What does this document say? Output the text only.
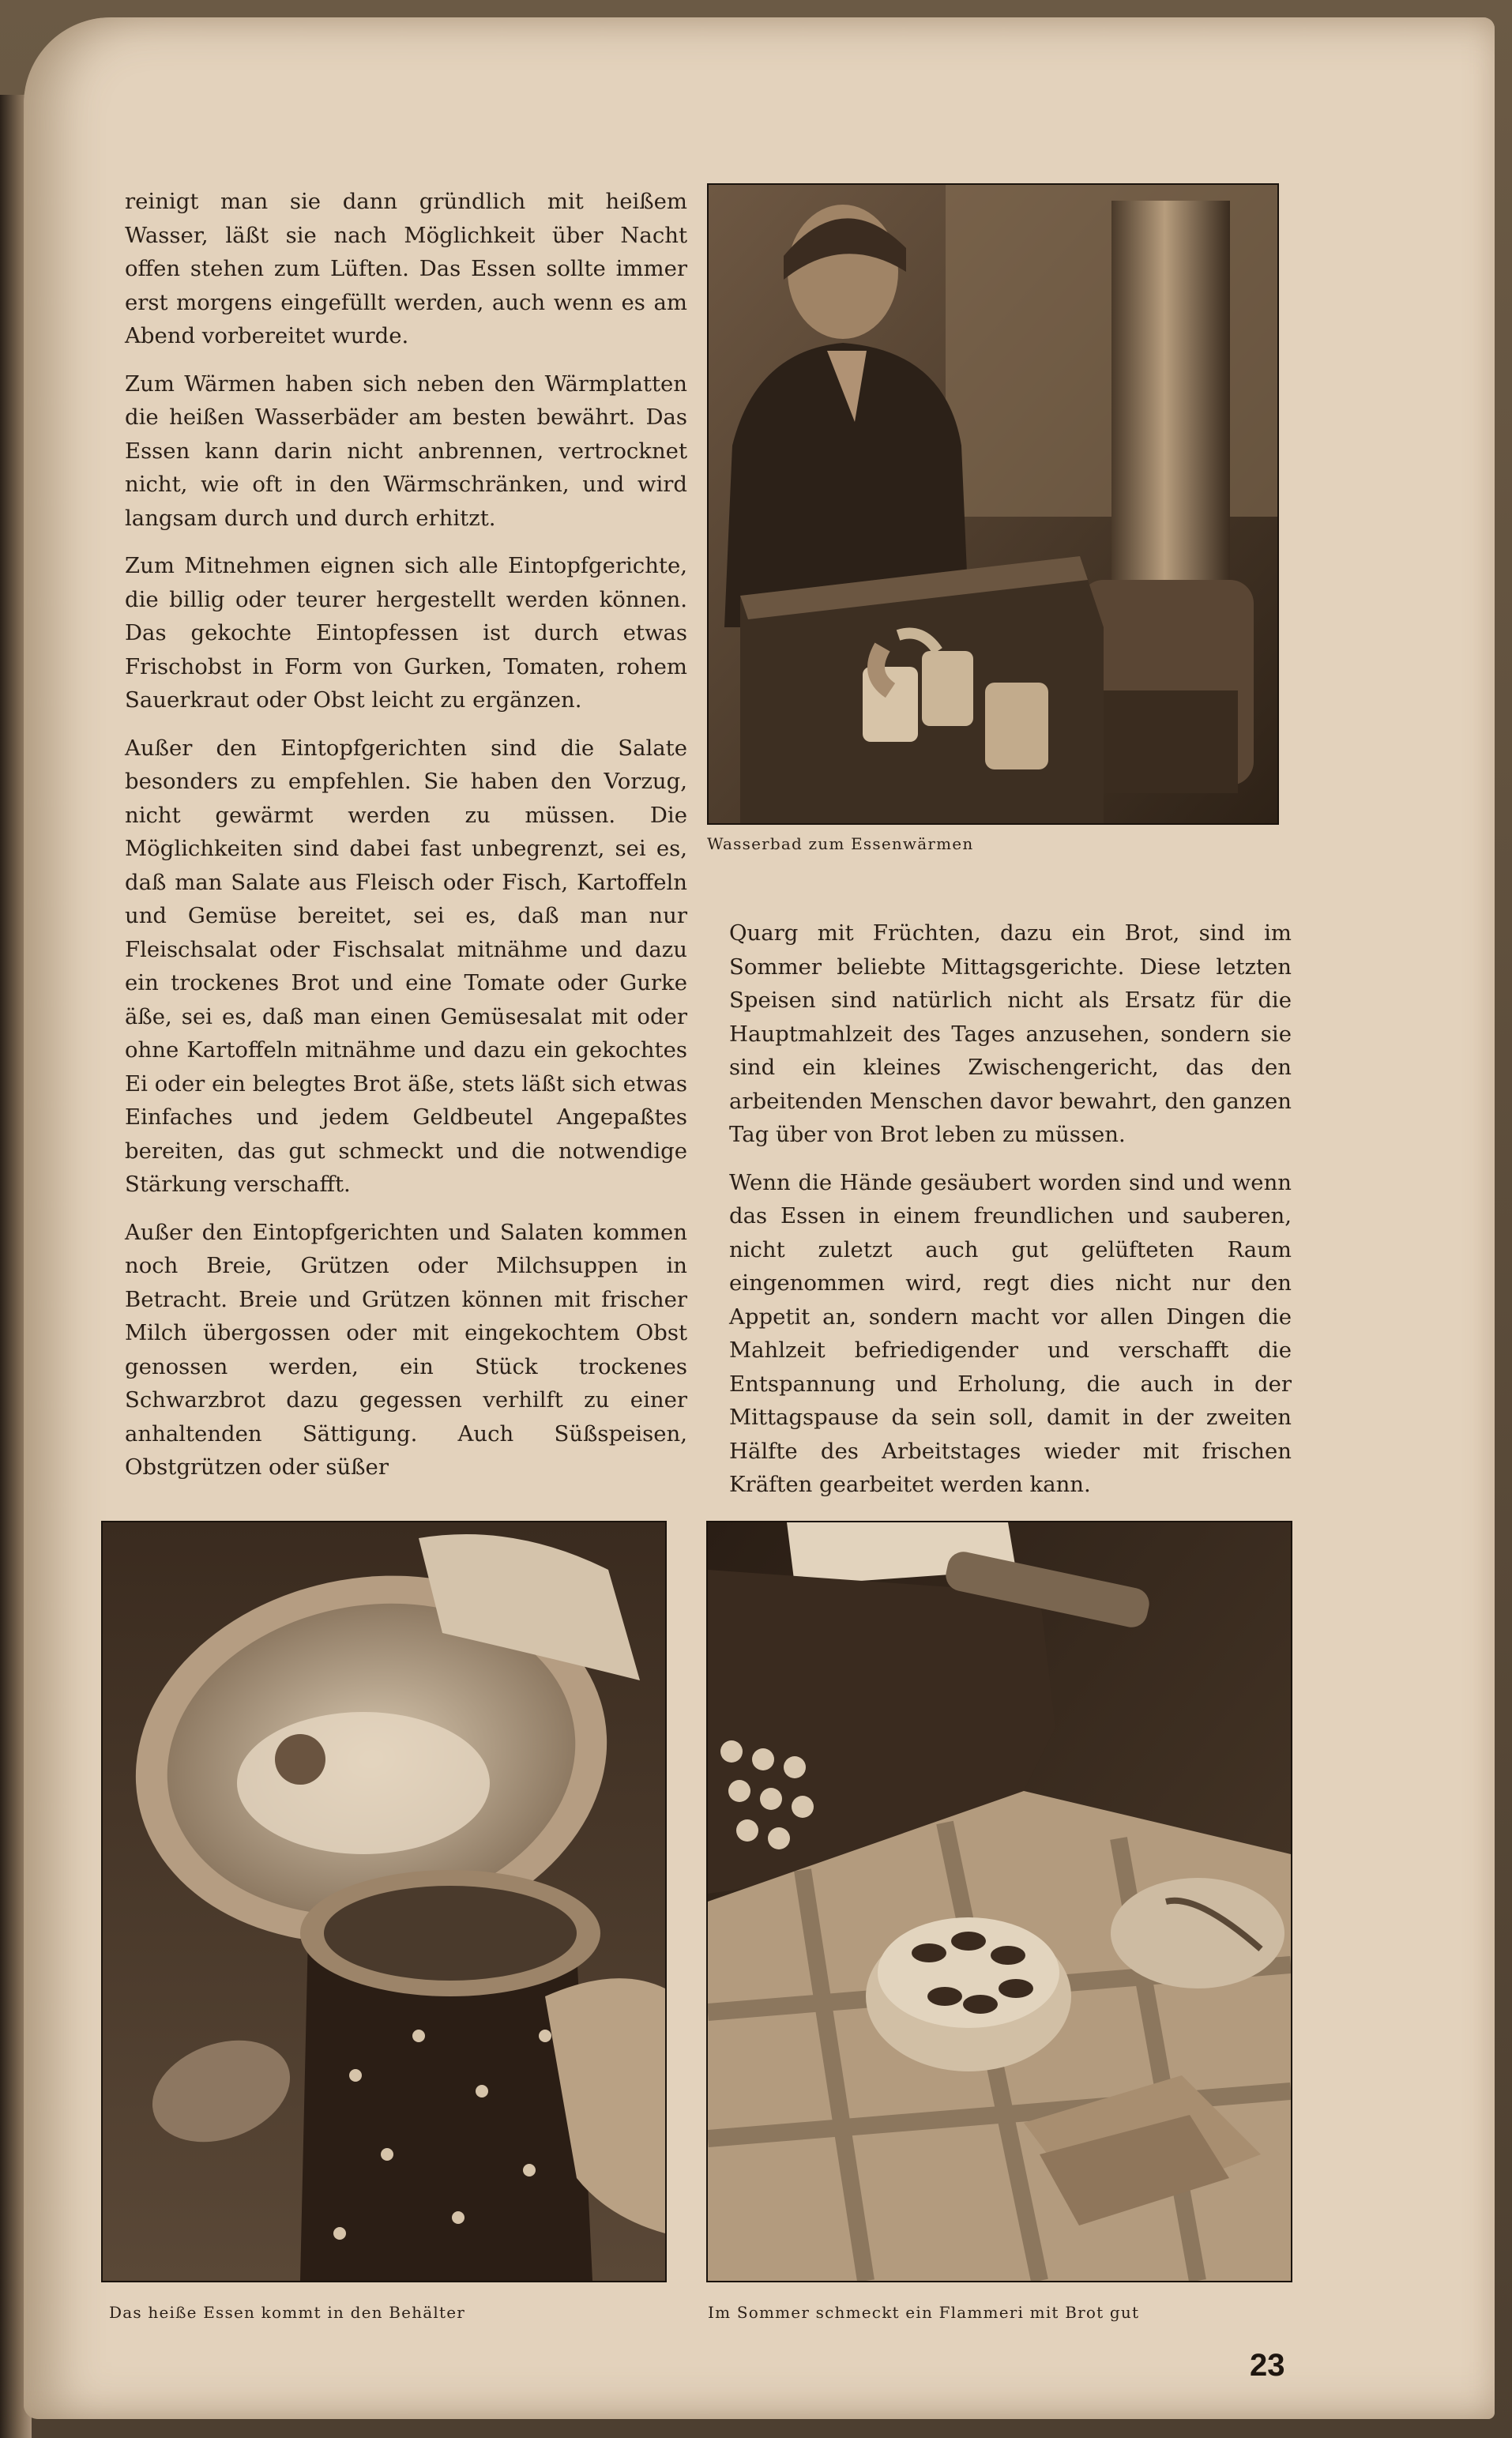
reinigt man sie dann gründlich mit heißem Wasser, läßt sie nach Möglichkeit über Nacht offen stehen zum Lüften. Das Essen sollte immer erst morgens eingefüllt werden, auch wenn es am Abend vorbereitet wurde.

Zum Wärmen haben sich neben den Wärmplatten die heißen Wasserbäder am besten bewährt. Das Essen kann darin nicht anbrennen, vertrocknet nicht, wie oft in den Wärmschränken, und wird langsam durch und durch erhitzt.

Zum Mitnehmen eignen sich alle Eintopfgerichte, die billig oder teurer hergestellt werden können. Das gekochte Eintopfessen ist durch etwas Frischobst in Form von Gurken, Tomaten, rohem Sauerkraut oder Obst leicht zu ergänzen.

Außer den Eintopfgerichten sind die Salate besonders zu empfehlen. Sie haben den Vorzug, nicht gewärmt werden zu müssen. Die Möglichkeiten sind dabei fast unbegrenzt, sei es, daß man Salate aus Fleisch oder Fisch, Kartoffeln und Gemüse bereitet, sei es, daß man nur Fleischsalat oder Fischsalat mitnähme und dazu ein trockenes Brot und eine Tomate oder Gurke äße, sei es, daß man einen Gemüsesalat mit oder ohne Kartoffeln mitnähme und dazu ein gekochtes Ei oder ein belegtes Brot äße, stets läßt sich etwas Einfaches und jedem Geldbeutel Angepaßtes bereiten, das gut schmeckt und die notwendige Stärkung verschafft.

Außer den Eintopfgerichten und Salaten kommen noch Breie, Grützen oder Milchsuppen in Betracht. Breie und Grützen können mit frischer Milch übergossen oder mit eingekochtem Obst genossen werden, ein Stück trockenes Schwarzbrot dazu gegessen verhilft zu einer anhaltenden Sättigung. Auch Süßspeisen, Obstgrützen oder süßer

Quarg mit Früchten, dazu ein Brot, sind im Sommer beliebte Mittagsgerichte. Diese letzten Speisen sind natürlich nicht als Ersatz für die Hauptmahlzeit des Tages anzusehen, sondern sie sind ein kleines Zwischengericht, das den arbeitenden Menschen davor bewahrt, den ganzen Tag über von Brot leben zu müssen.

Wenn die Hände gesäubert worden sind und wenn das Essen in einem freundlichen und sauberen, nicht zuletzt auch gut gelüfteten Raum eingenommen wird, regt dies nicht nur den Appetit an, sondern macht vor allen Dingen die Mahlzeit befriedigender und verschafft die Entspannung und Erholung, die auch in der Mittagspause da sein soll, damit in der zweiten Hälfte des Arbeitstages wieder mit frischen Kräften gearbeitet werden kann.

Wasserbad zum Essenwärmen
Das heiße Essen kommt in den Behälter	Im Sommer schmeckt ein Flammeri mit Brot gut
23
